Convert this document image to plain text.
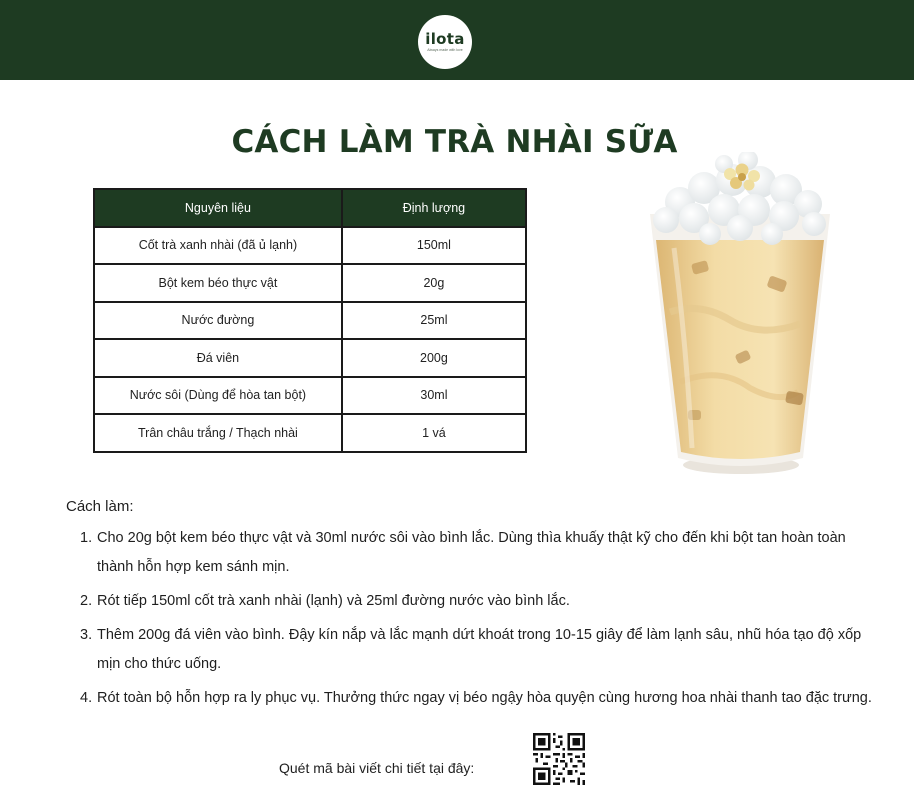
ilota
Always made with love
CÁCH LÀM TRÀ NHÀI SỮA
Nguyên liệu	Định lượng
Cốt trà xanh nhài (đã ủ lạnh)	150ml
Bột kem béo thực vật	20g
Nước đường	25ml
Đá viên	200g
Nước sôi (Dùng để hòa tan bột)	30ml
Trân châu trắng / Thạch nhài	1 vá
Cách làm:
1. Cho 20g bột kem béo thực vật và 30ml nước sôi vào bình lắc. Dùng thìa khuấy thật kỹ cho đến khi bột tan hoàn toàn thành hỗn hợp kem sánh mịn.
2. Rót tiếp 150ml cốt trà xanh nhài (lạnh) và 25ml đường nước vào bình lắc.
3. Thêm 200g đá viên vào bình. Đậy kín nắp và lắc mạnh dứt khoát trong 10-15 giây để làm lạnh sâu, nhũ hóa tạo độ xốp mịn cho thức uống.
4. Rót toàn bộ hỗn hợp ra ly phục vụ. Thưởng thức ngay vị béo ngậy hòa quyện cùng hương hoa nhài thanh tao đặc trưng.
Quét mã bài viết chi tiết tại đây:
